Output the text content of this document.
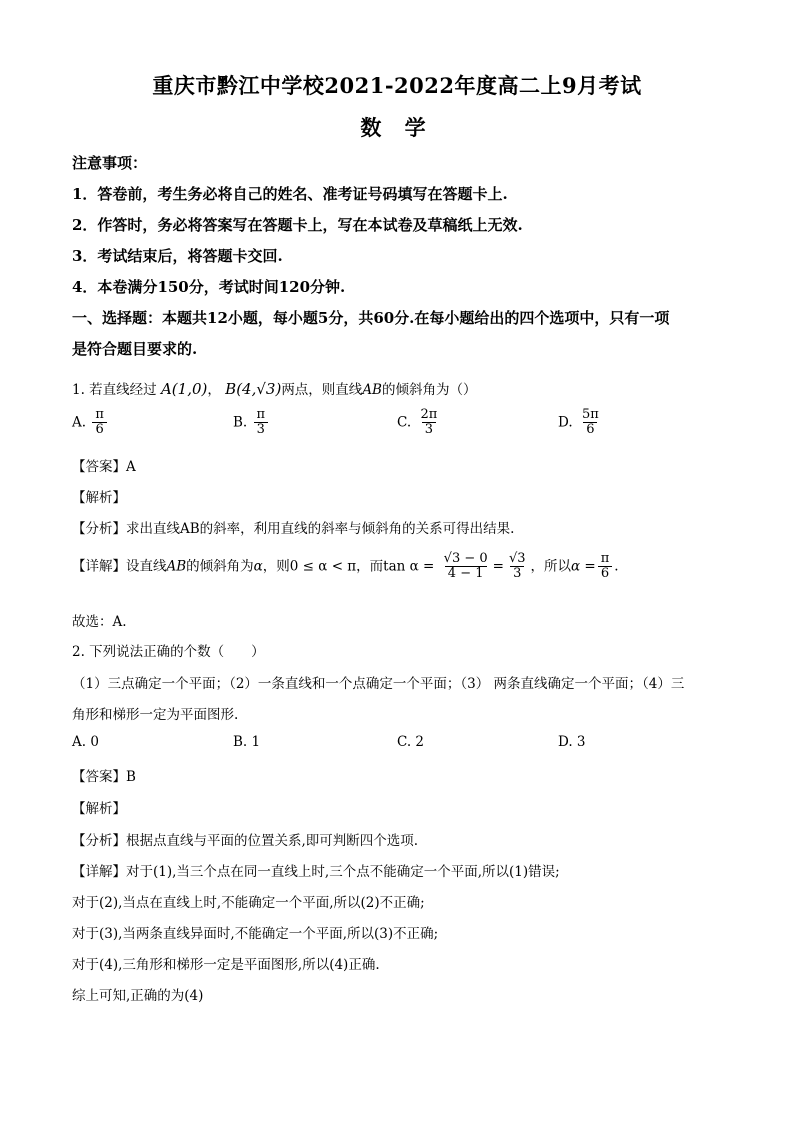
重庆市黔江中学校2021-2022年度高二上9月考试
数 学
注意事项：
1．答卷前，考生务必将自己的姓名、准考证号码填写在答题卡上.
2．作答时，务必将答案写在答题卡上，写在本试卷及草稿纸上无效.
3．考试结束后，将答题卡交回.
4．本卷满分150分，考试时间120分钟.
一、选择题：本题共12小题，每小题5分，共60分.在每小题给出的四个选项中，只有一项
是符合题目要求的.
1. 若直线经过 A(1,0)， B(4,√3)两点，则直线AB的倾斜角为（）
A. $\frac{\pi}{6}$	B. $\frac{\pi}{3}$	C. $\frac{2\pi}{3}$	D. $\frac{5\pi}{6}$
【答案】A
【解析】
【分析】求出直线AB的斜率，利用直线的斜率与倾斜角的关系可得出结果.
【详解】设直线AB的倾斜角为α，则0 ≤ α < π，而$\tan \alpha = \frac{√3 - 0}{4 - 1} = \frac{√3}{3}$ ，所以$\alpha = \frac{\pi}{6}$ .
故选：A.
2. 下列说法正确的个数（　　）
（1）三点确定一个平面；（2）一条直线和一个点确定一个平面；（3） 两条直线确定一个平面；（4）三
角形和梯形一定为平面图形.
A. 0	B. 1	C. 2	D. 3
【答案】B
【解析】
【分析】根据点直线与平面的位置关系,即可判断四个选项.
【详解】对于(1),当三个点在同一直线上时,三个点不能确定一个平面,所以(1)错误;
对于(2),当点在直线上时,不能确定一个平面,所以(2)不正确;
对于(3),当两条直线异面时,不能确定一个平面,所以(3)不正确;
对于(4),三角形和梯形一定是平面图形,所以(4)正确.
综上可知,正确的为(4)
